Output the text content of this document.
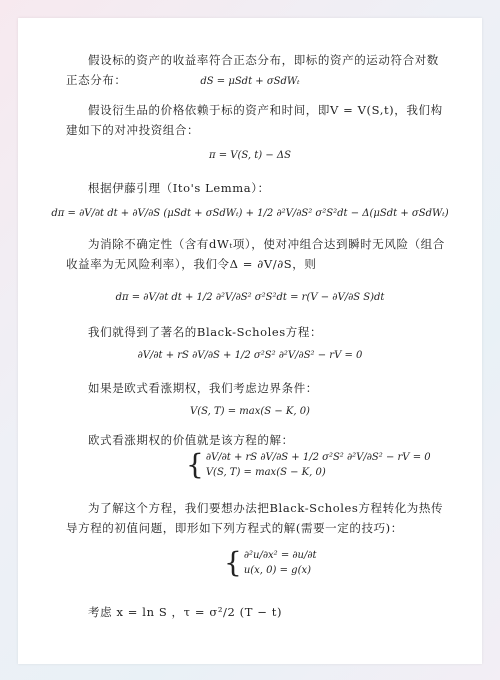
假设标的资产的收益率符合正态分布，即标的资产的运动符合对数正态分布：	dS = μSdt + σSdWₜ
假设衍生品的价格依赖于标的资产和时间，即V = V(S,t)，我们构建如下的对冲投资组合：
π = V(S, t) − ΔS
根据伊藤引理（Ito's Lemma）：
dπ = ∂V/∂t dt + ∂V/∂S (μSdt + σSdWₜ) + 1/2 ∂²V/∂S² σ²S²dt − Δ(μSdt + σSdWₜ)
为消除不确定性（含有dWₜ项），使对冲组合达到瞬时无风险（组合收益率为无风险利率），我们令Δ = ∂V/∂S，则
dπ = ∂V/∂t dt + 1/2 ∂²V/∂S² σ²S²dt = r(V − ∂V/∂S S)dt
我们就得到了著名的Black-Scholes方程：
∂V/∂t + rS ∂V/∂S + 1/2 σ²S² ∂²V/∂S² − rV = 0
如果是欧式看涨期权，我们考虑边界条件：
V(S, T) = max(S − K, 0)
欧式看涨期权的价值就是该方程的解：
{ ∂V/∂t + rS ∂V/∂S + 1/2 σ²S² ∂²V/∂S² − rV = 0
V(S, T) = max(S − K, 0)
为了解这个方程，我们要想办法把Black-Scholes方程转化为热传导方程的初值问题，即形如下列方程式的解(需要一定的技巧)：
{ ∂²u/∂x² = ∂u/∂t
u(x, 0) = g(x)
考虑 x = ln S ，τ = σ²/2 (T − t)
